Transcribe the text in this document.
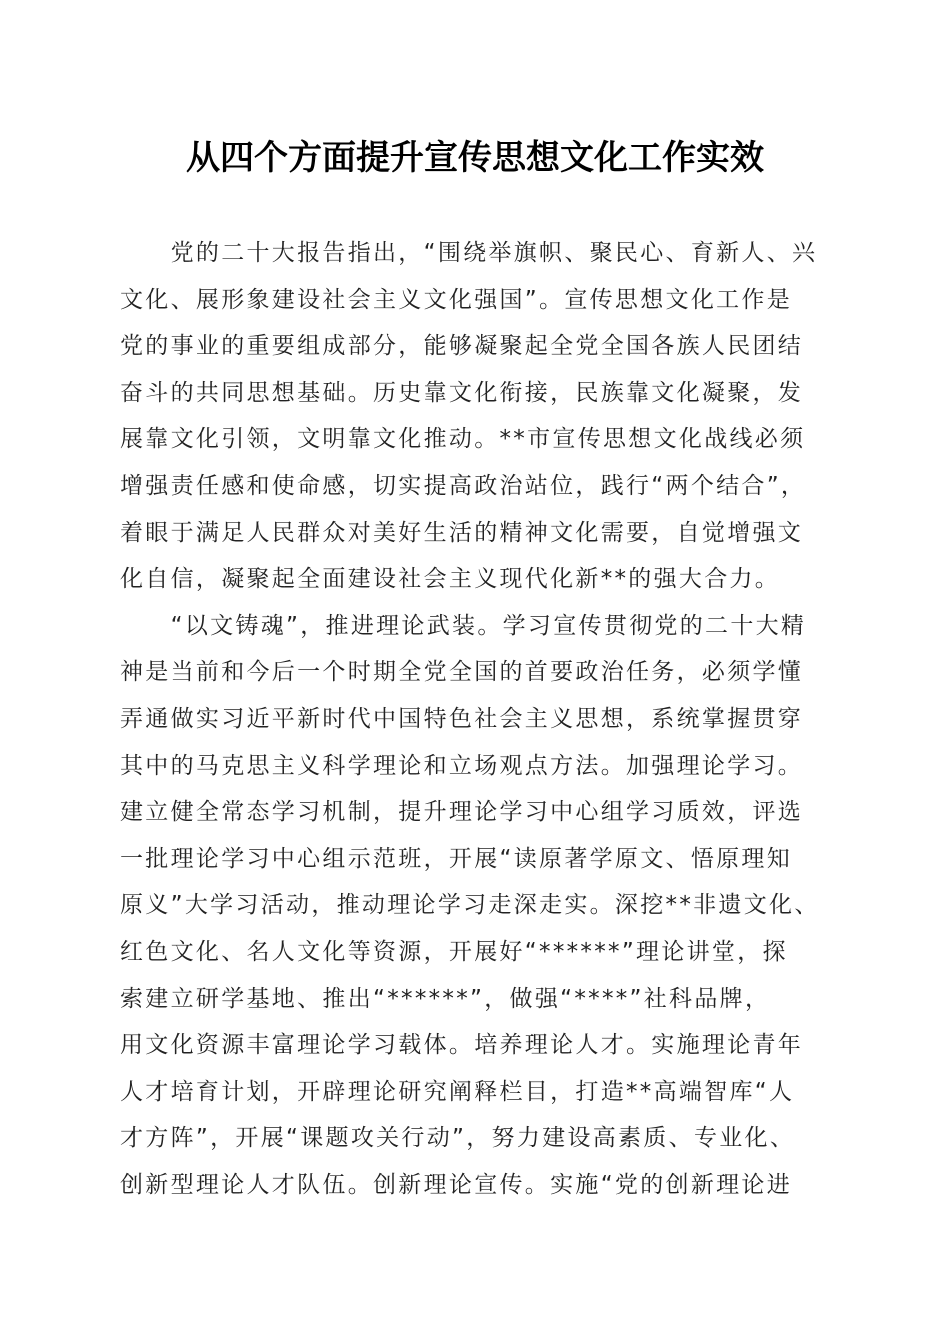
从四个方面提升宣传思想文化工作实效
　　党的二十大报告指出，“围绕举旗帜、聚民心、育新人、兴
文化、展形象建设社会主义文化强国”。宣传思想文化工作是
党的事业的重要组成部分，能够凝聚起全党全国各族人民团结
奋斗的共同思想基础。历史靠文化衔接，民族靠文化凝聚，发
展靠文化引领，文明靠文化推动。**市宣传思想文化战线必须
增强责任感和使命感，切实提高政治站位，践行“两个结合”，
着眼于满足人民群众对美好生活的精神文化需要，自觉增强文
化自信，凝聚起全面建设社会主义现代化新**的强大合力。
　　“以文铸魂”，推进理论武装。学习宣传贯彻党的二十大精
神是当前和今后一个时期全党全国的首要政治任务，必须学懂
弄通做实习近平新时代中国特色社会主义思想，系统掌握贯穿
其中的马克思主义科学理论和立场观点方法。加强理论学习。
建立健全常态学习机制，提升理论学习中心组学习质效，评选
一批理论学习中心组示范班，开展“读原著学原文、悟原理知
原义”大学习活动，推动理论学习走深走实。深挖**非遗文化、
红色文化、名人文化等资源，开展好“******”理论讲堂，探
索建立研学基地、推出“******”，做强“****”社科品牌，
用文化资源丰富理论学习载体。培养理论人才。实施理论青年
人才培育计划，开辟理论研究阐释栏目，打造**高端智库“人
才方阵”，开展“课题攻关行动”，努力建设高素质、专业化、
创新型理论人才队伍。创新理论宣传。实施“党的创新理论进
